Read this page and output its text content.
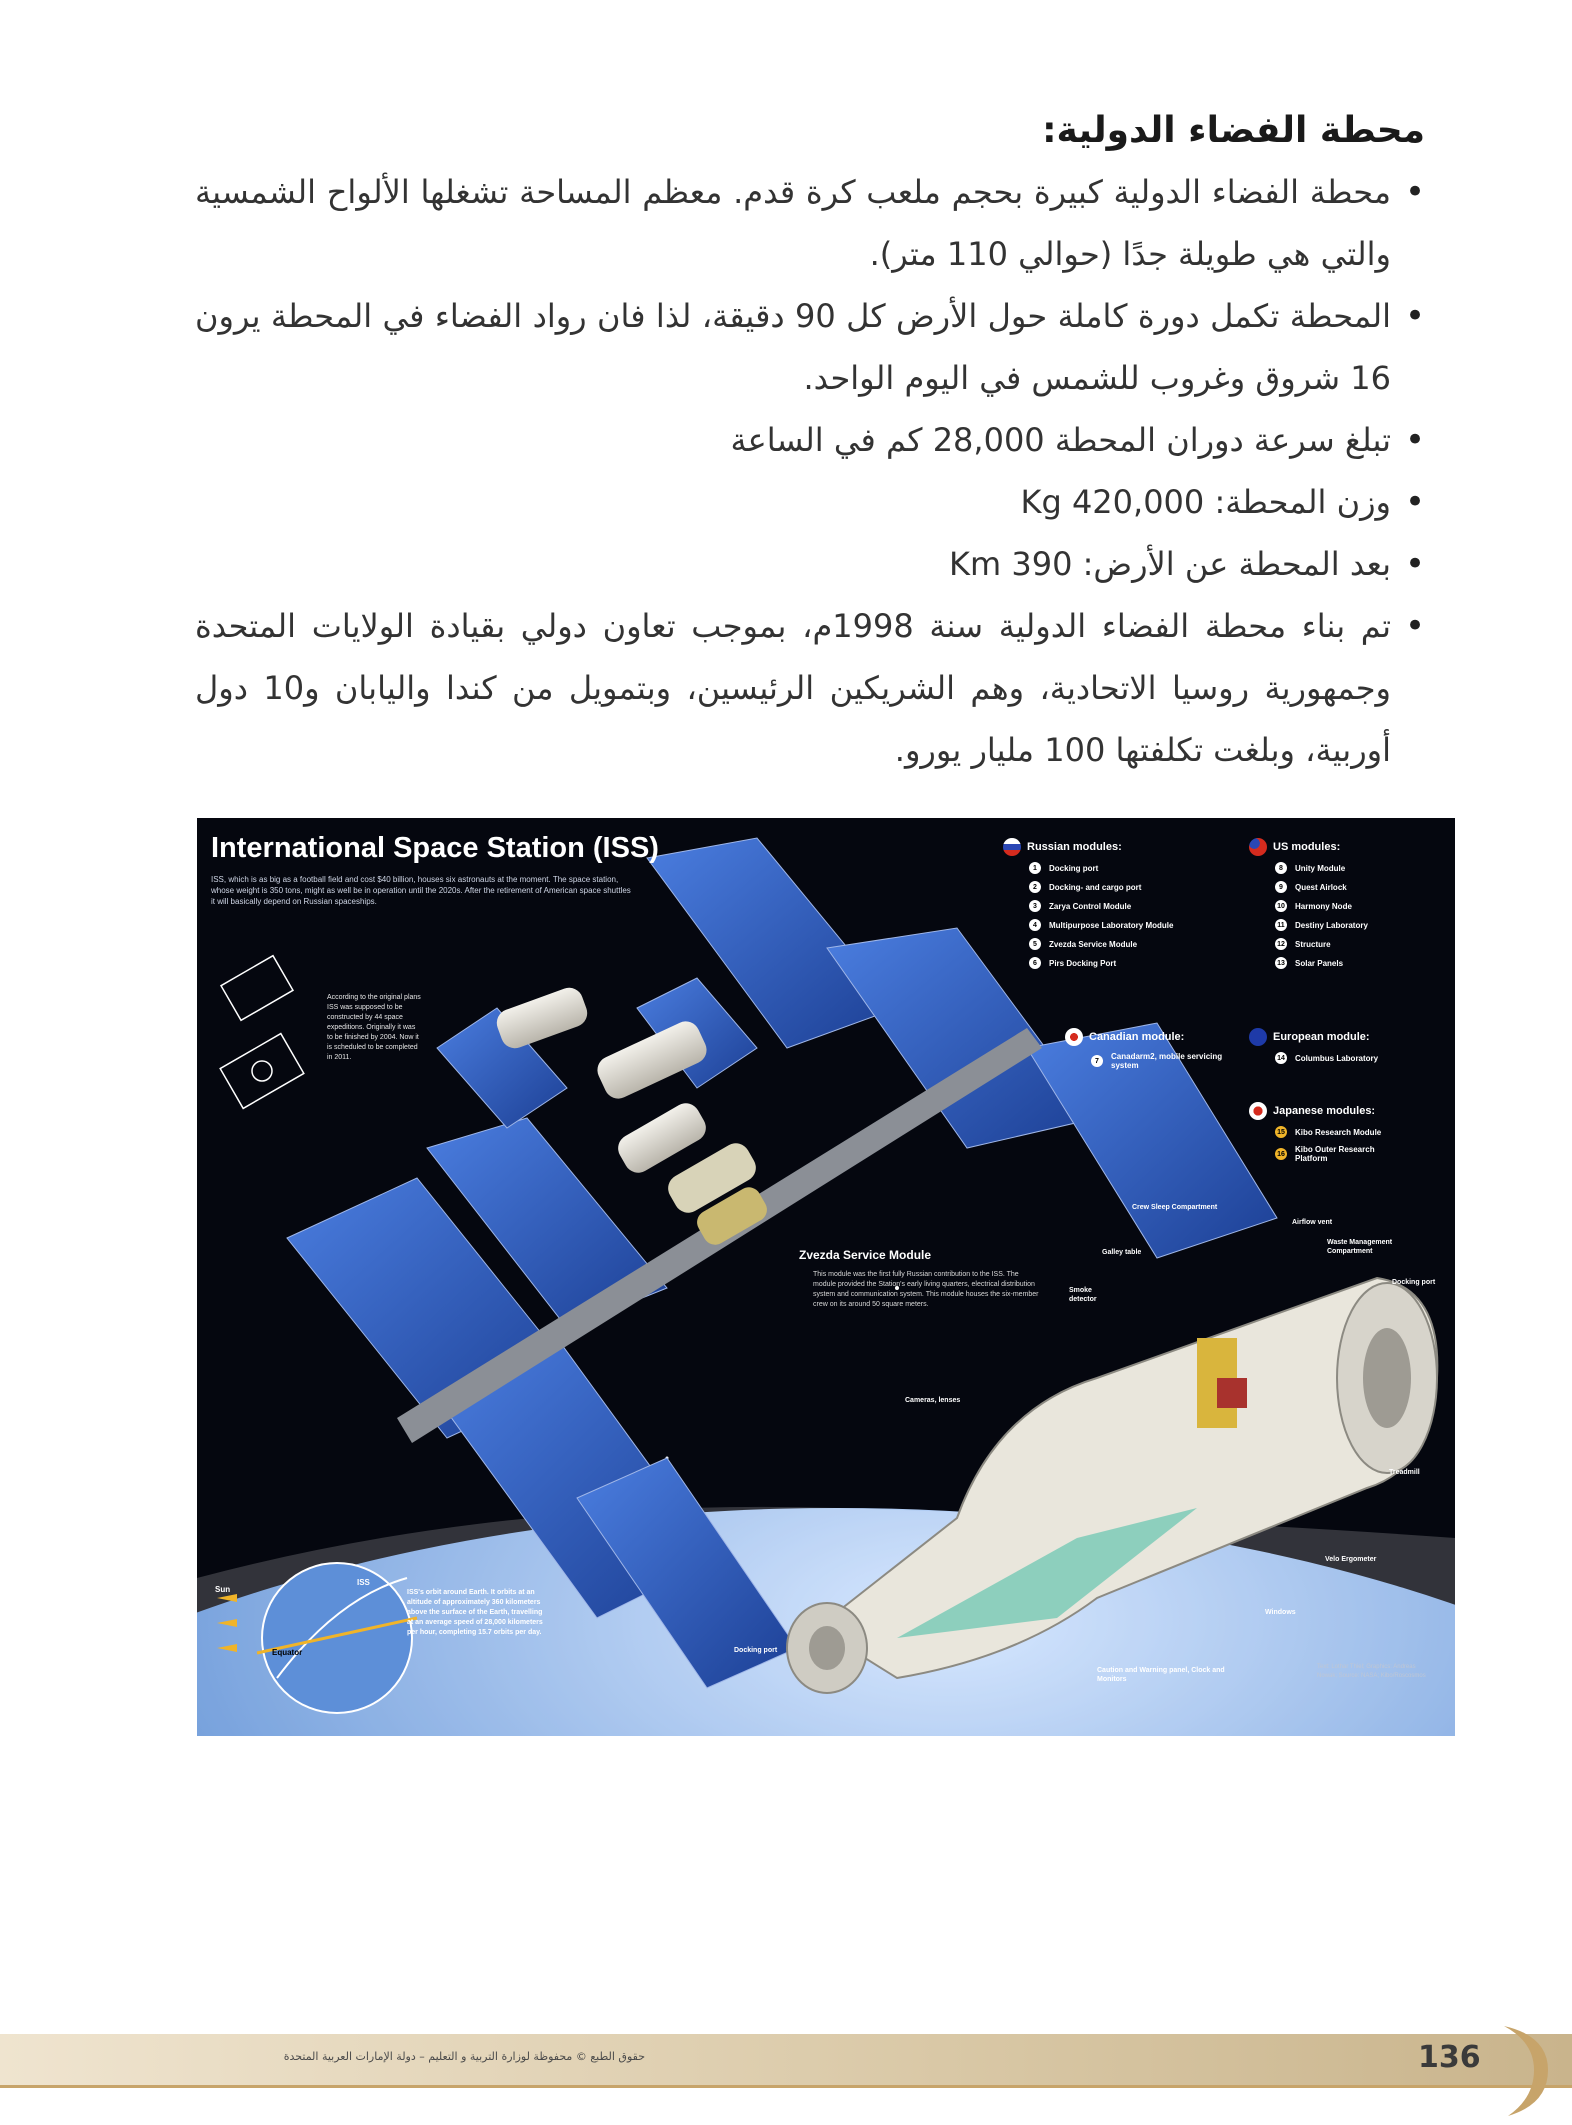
محطة الفضاء الدولية:
• محطة الفضاء الدولية كبيرة بحجم ملعب كرة قدم. معظم المساحة تشغلها الألواح الشمسية والتي هي طويلة جدًا (حوالي 110 متر).
• المحطة تكمل دورة كاملة حول الأرض كل 90 دقيقة، لذا فان رواد الفضاء في المحطة يرون 16 شروق وغروب للشمس في اليوم الواحد.
• تبلغ سرعة دوران المحطة 28,000 كم في الساعة
• وزن المحطة: Kg 420,000
• بعد المحطة عن الأرض: Km 390
• تم بناء محطة الفضاء الدولية سنة 1998م، بموجب تعاون دولي بقيادة الولايات المتحدة وجمهورية روسيا الاتحادية، وهم الشريكين الرئيسين، وبتمويل من كندا واليابان و10 دول أوربية، وبلغت تكلفتها 100 مليار يورو.
International Space Station (ISS)
ISS, which is as big as a football field and cost $40 billion, houses six astronauts at the moment. The space station, whose weight is 350 tons, might as well be in operation until the 2020s. After the retirement of American space shuttles it will basically depend on Russian spaceships.
According to the original plans ISS was supposed to be constructed by 44 space expeditions. Originally it was to be finished by 2004. Now it is scheduled to be completed in 2011.
Russian modules:
1	Docking port
2	Docking- and cargo port
3	Zarya Control Module
4	Multipurpose Laboratory Module
5	Zvezda Service Module
6	Pirs Docking Port
US modules:
8	Unity Module
9	Quest Airlock
10 Harmony Node
11 Destiny Laboratory
12 Structure
13 Solar Panels
Canadian module:
7	Canadarm2, mobile servicing system
European module:
14 Columbus Laboratory
Japanese modules:
15 Kibo Research Module
16 Kibo Outer Research Platform
Zvezda Service Module
This module was the first fully Russian contribution to the ISS. The module provided the Station's early living quarters, electrical distribution system and communication system. This module houses the six-member crew on its around 50 square meters.
Crew Sleep Compartment
Airflow vent
Waste Management Compartment
Docking port
Galley table
Smoke detector
Cameras, lenses
Treadmill
Velo Ergometer
Windows
Docking port
Caution and Warning panel, Clock and Monitors
Sun
Equator
ISS
ISS's orbit around Earth. It orbits at an altitude of approximately 360 kilometers above the surface of the Earth, travelling at an average speed of 28,000 kilometers per hour, completing 15.7 orbits per day.
Text: Lothar Thiel; Graphics: Andreas Nowak; Source: NASA; Kibo/Roscosmos
حقوق الطبع © محفوظة لوزارة التربية و التعليم – دولة الإمارات العربية المتحدة	136
